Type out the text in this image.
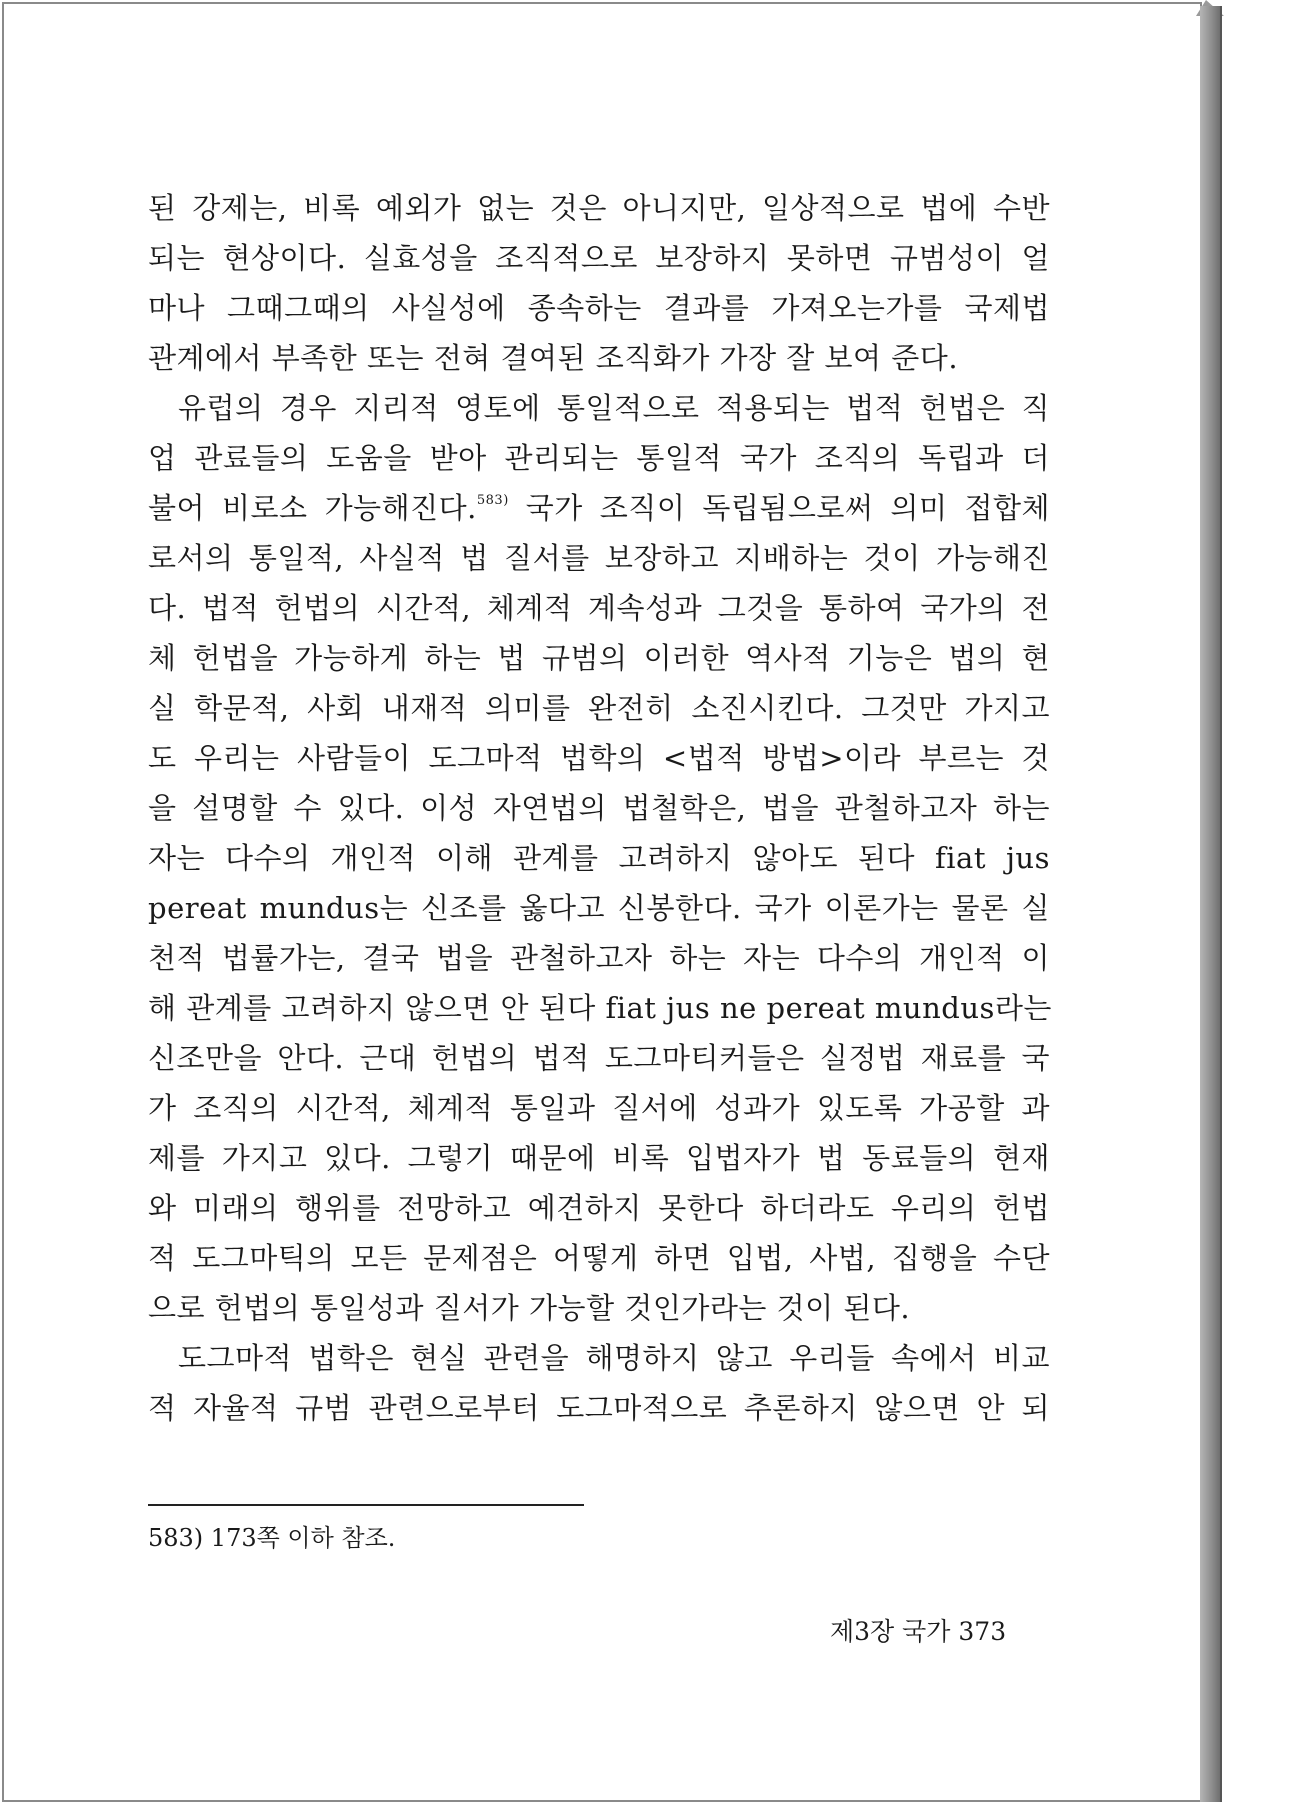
된 강제는, 비록 예외가 없는 것은 아니지만, 일상적으로 법에 수반
되는 현상이다. 실효성을 조직적으로 보장하지 못하면 규범성이 얼
마나 그때그때의 사실성에 종속하는 결과를 가져오는가를 국제법
관계에서 부족한 또는 전혀 결여된 조직화가 가장 잘 보여 준다.
유럽의 경우 지리적 영토에 통일적으로 적용되는 법적 헌법은 직
업 관료들의 도움을 받아 관리되는 통일적 국가 조직의 독립과 더
불어 비로소 가능해진다.$^{583)}$ 국가 조직이 독립됨으로써 의미 접합체
로서의 통일적, 사실적 법 질서를 보장하고 지배하는 것이 가능해진
다. 법적 헌법의 시간적, 체계적 계속성과 그것을 통하여 국가의 전
체 헌법을 가능하게 하는 법 규범의 이러한 역사적 기능은 법의 현
실 학문적, 사회 내재적 의미를 완전히 소진시킨다. 그것만 가지고
도 우리는 사람들이 도그마적 법학의 <법적 방법>이라 부르는 것
을 설명할 수 있다. 이성 자연법의 법철학은, 법을 관철하고자 하는
자는 다수의 개인적 이해 관계를 고려하지 않아도 된다 fiat jus
pereat mundus는 신조를 옳다고 신봉한다. 국가 이론가는 물론 실
천적 법률가는, 결국 법을 관철하고자 하는 자는 다수의 개인적 이
해 관계를 고려하지 않으면 안 된다 fiat jus ne pereat mundus라는
신조만을 안다. 근대 헌법의 법적 도그마티커들은 실정법 재료를 국
가 조직의 시간적, 체계적 통일과 질서에 성과가 있도록 가공할 과
제를 가지고 있다. 그렇기 때문에 비록 입법자가 법 동료들의 현재
와 미래의 행위를 전망하고 예견하지 못한다 하더라도 우리의 헌법
적 도그마틱의 모든 문제점은 어떻게 하면 입법, 사법, 집행을 수단
으로 헌법의 통일성과 질서가 가능할 것인가라는 것이 된다.
도그마적 법학은 현실 관련을 해명하지 않고 우리들 속에서 비교
적 자율적 규범 관련으로부터 도그마적으로 추론하지 않으면 안 되
583) 173쪽 이하 참조.
제3장 국가 373
